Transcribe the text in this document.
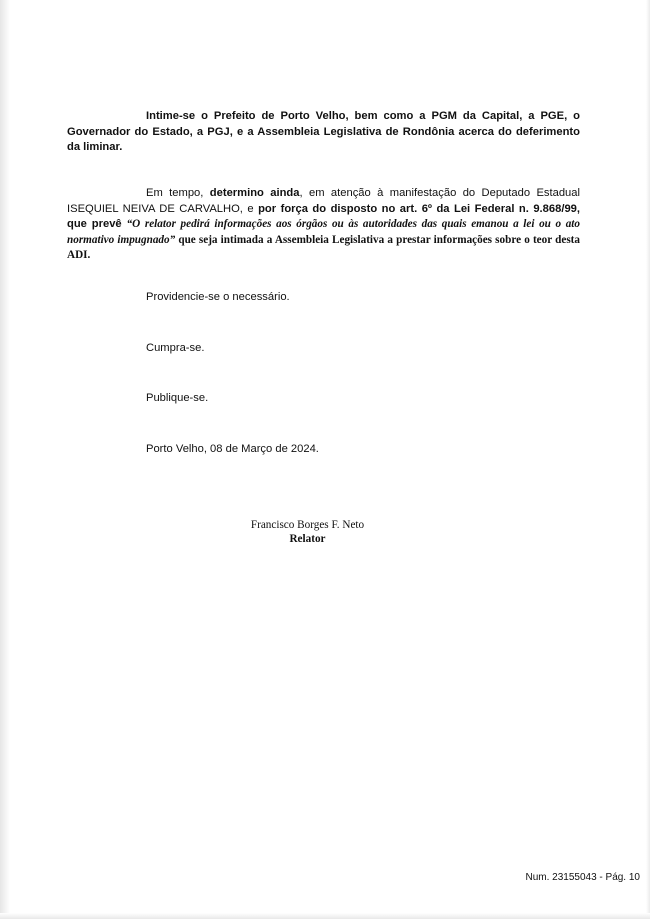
Intime-se o Prefeito de Porto Velho, bem como a PGM da Capital, a PGE, o Governador do Estado, a PGJ, e a Assembleia Legislativa de Rondônia acerca do deferimento da liminar.

Em tempo, determino ainda, em atenção à manifestação do Deputado Estadual ISEQUIEL NEIVA DE CARVALHO, e por força do disposto no art. 6º da Lei Federal n. 9.868/99, que prevê “O relator pedirá informações aos órgãos ou às autoridades das quais emanou a lei ou o ato normativo impugnado” que seja intimada a Assembleia Legislativa a prestar informações sobre o teor desta ADI.

Providencie-se o necessário.

Cumpra-se.

Publique-se.

Porto Velho, 08 de Março de 2024.

Francisco Borges F. Neto

Relator

Num. 23155043 - Pág. 10
